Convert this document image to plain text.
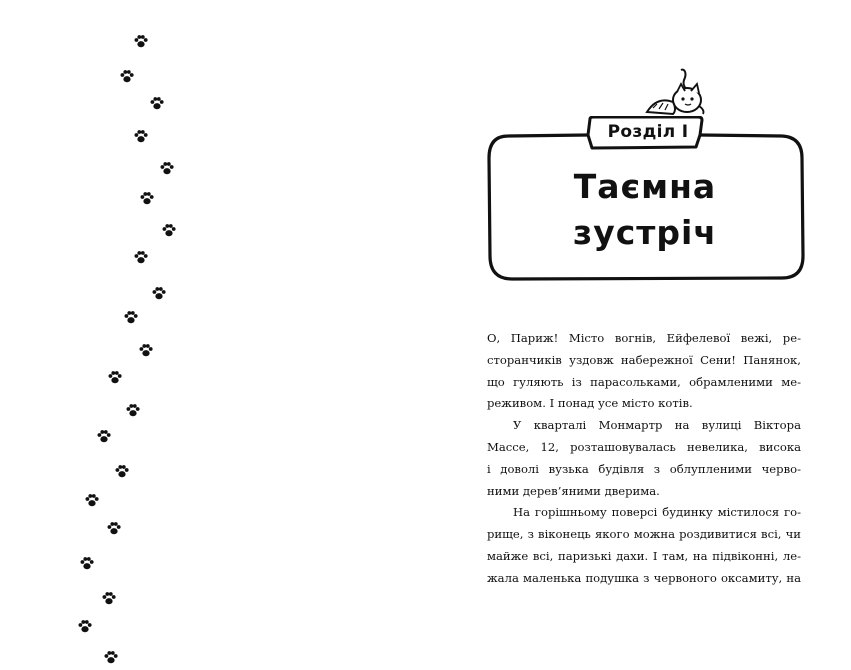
Розділ I
Таємна
зустріч
О, Париж! Місто вогнів, Ейфелевої вежі, ре-
сторанчиків уздовж набережної Сени! Панянок,
що гуляють із парасольками, обрамленими ме-
реживом. І понад усе місто котів.
У кварталі Монмартр на вулиці Віктора
Массе, 12, розташовувалась невелика, висока
і доволі вузька будівля з облупленими черво-
ними дерев’яними дверима.
На горішньому поверсі будинку містилося го-
рище, з віконець якого можна роздивитися всі, чи
майже всі, паризькі дахи. І там, на підвіконні, ле-
жала маленька подушка з червоного оксамиту, на
